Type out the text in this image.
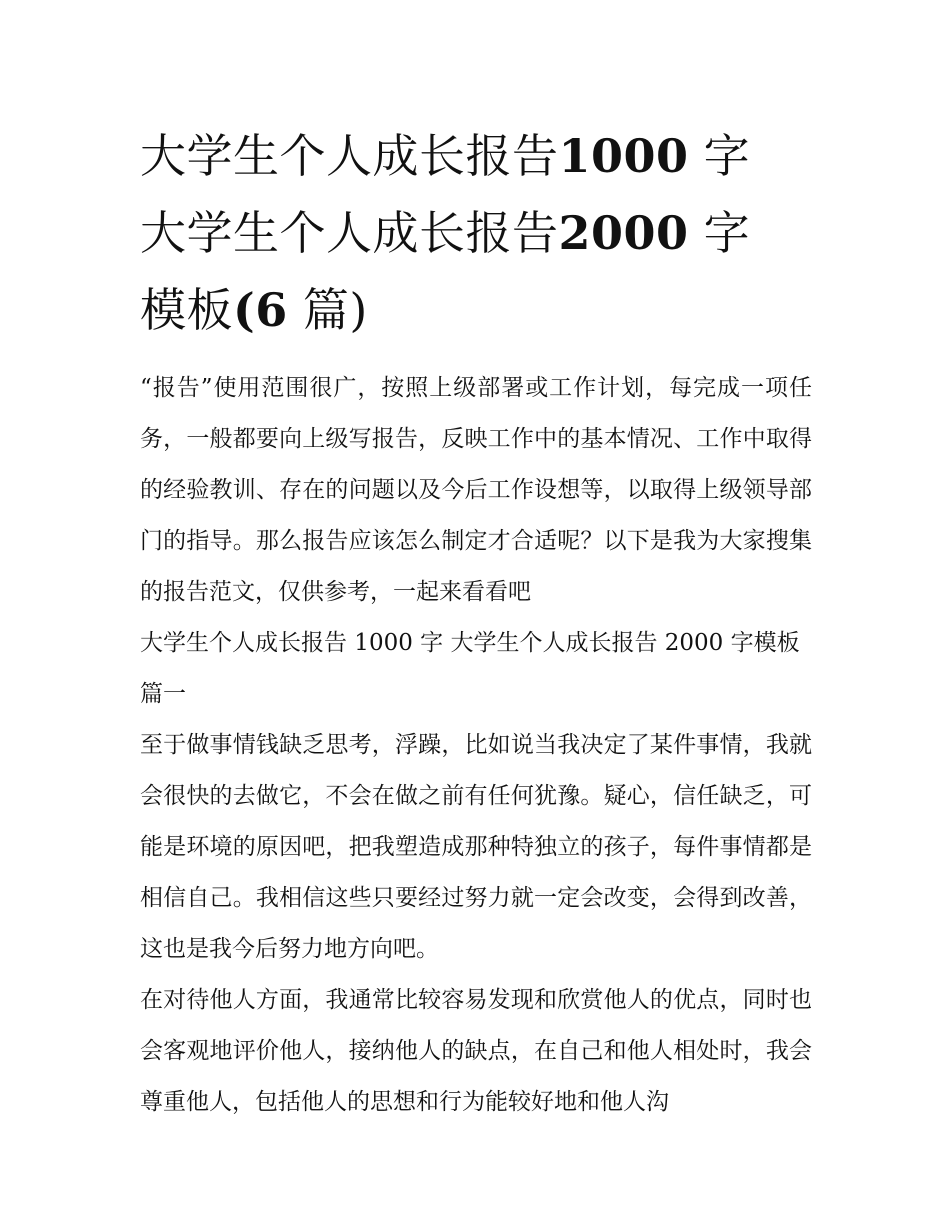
大学生个人成长报告1000 字
大学生个人成长报告2000 字
模板(6 篇)

“报告”使用范围很广，按照上级部署或工作计划，每完成一项任务，一般都要向上级写报告，反映工作中的基本情况、工作中取得的经验教训、存在的问题以及今后工作设想等，以取得上级领导部门的指导。那么报告应该怎么制定才合适呢？以下是我为大家搜集的报告范文，仅供参考，一起来看看吧

大学生个人成长报告 1000 字 大学生个人成长报告 2000 字模板篇一

至于做事情钱缺乏思考，浮躁，比如说当我决定了某件事情，我就会很快的去做它，不会在做之前有任何犹豫。疑心，信任缺乏，可能是环境的原因吧，把我塑造成那种特独立的孩子，每件事情都是相信自己。我相信这些只要经过努力就一定会改变，会得到改善，这也是我今后努力地方向吧。

在对待他人方面，我通常比较容易发现和欣赏他人的优点，同时也会客观地评价他人，接纳他人的缺点，在自己和他人相处时，我会尊重他人，包括他人的思想和行为能较好地和他人沟
